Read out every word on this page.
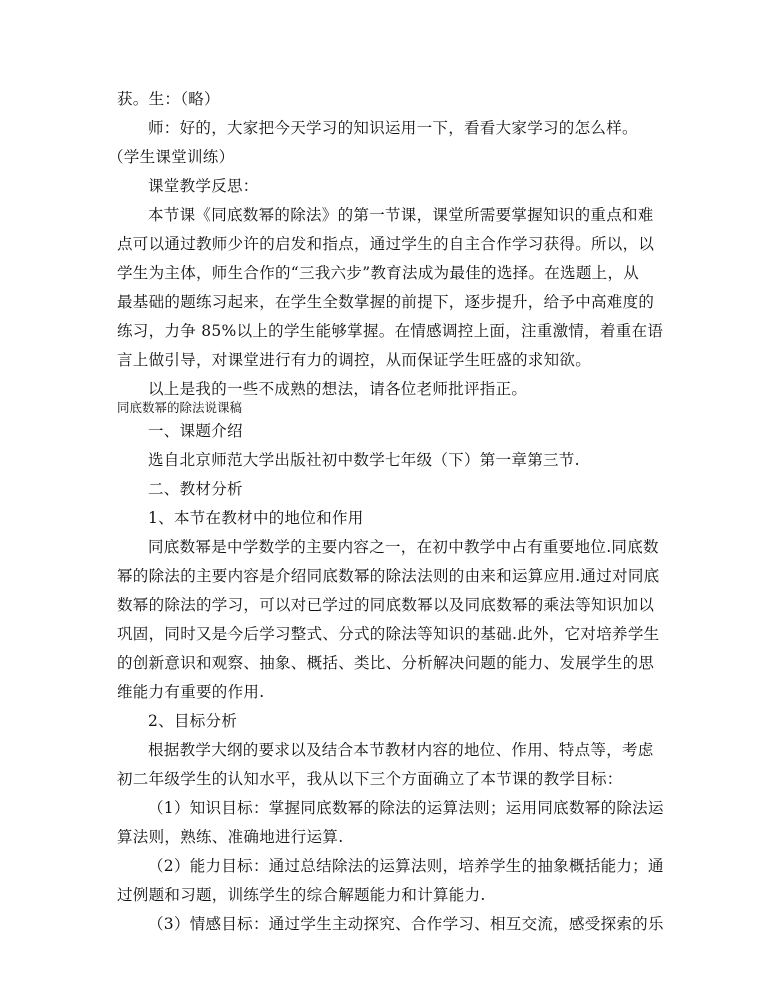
获。生：（略）
师：好的，大家把今天学习的知识运用一下，看看大家学习的怎么样。
（学生课堂训练）
课堂教学反思：
本节课《同底数幂的除法》的第一节课，课堂所需要掌握知识的重点和难
点可以通过教师少许的启发和指点，通过学生的自主合作学习获得。所以，以
学生为主体，师生合作的“三我六步”教育法成为最佳的选择。在选题上，从
最基础的题练习起来，在学生全数掌握的前提下，逐步提升，给予中高难度的
练习，力争 85%以上的学生能够掌握。在情感调控上面，注重激情，着重在语
言上做引导，对课堂进行有力的调控，从而保证学生旺盛的求知欲。
以上是我的一些不成熟的想法，请各位老师批评指正。
同底数幂的除法说课稿
一、课题介绍
选自北京师范大学出版社初中数学七年级（下）第一章第三节.
二、教材分析
1、本节在教材中的地位和作用
同底数幂是中学数学的主要内容之一，在初中教学中占有重要地位.同底数
幂的除法的主要内容是介绍同底数幂的除法法则的由来和运算应用.通过对同底
数幂的除法的学习，可以对已学过的同底数幂以及同底数幂的乘法等知识加以
巩固，同时又是今后学习整式、分式的除法等知识的基础.此外，它对培养学生
的创新意识和观察、抽象、概括、类比、分析解决问题的能力、发展学生的思
维能力有重要的作用.
2、目标分析
根据教学大纲的要求以及结合本节教材内容的地位、作用、特点等，考虑
初二年级学生的认知水平，我从以下三个方面确立了本节课的教学目标：
（1）知识目标：掌握同底数幂的除法的运算法则；运用同底数幂的除法运
算法则，熟练、准确地进行运算.
（2）能力目标：通过总结除法的运算法则，培养学生的抽象概括能力；通
过例题和习题，训练学生的综合解题能力和计算能力.
（3）情感目标：通过学生主动探究、合作学习、相互交流，感受探索的乐
